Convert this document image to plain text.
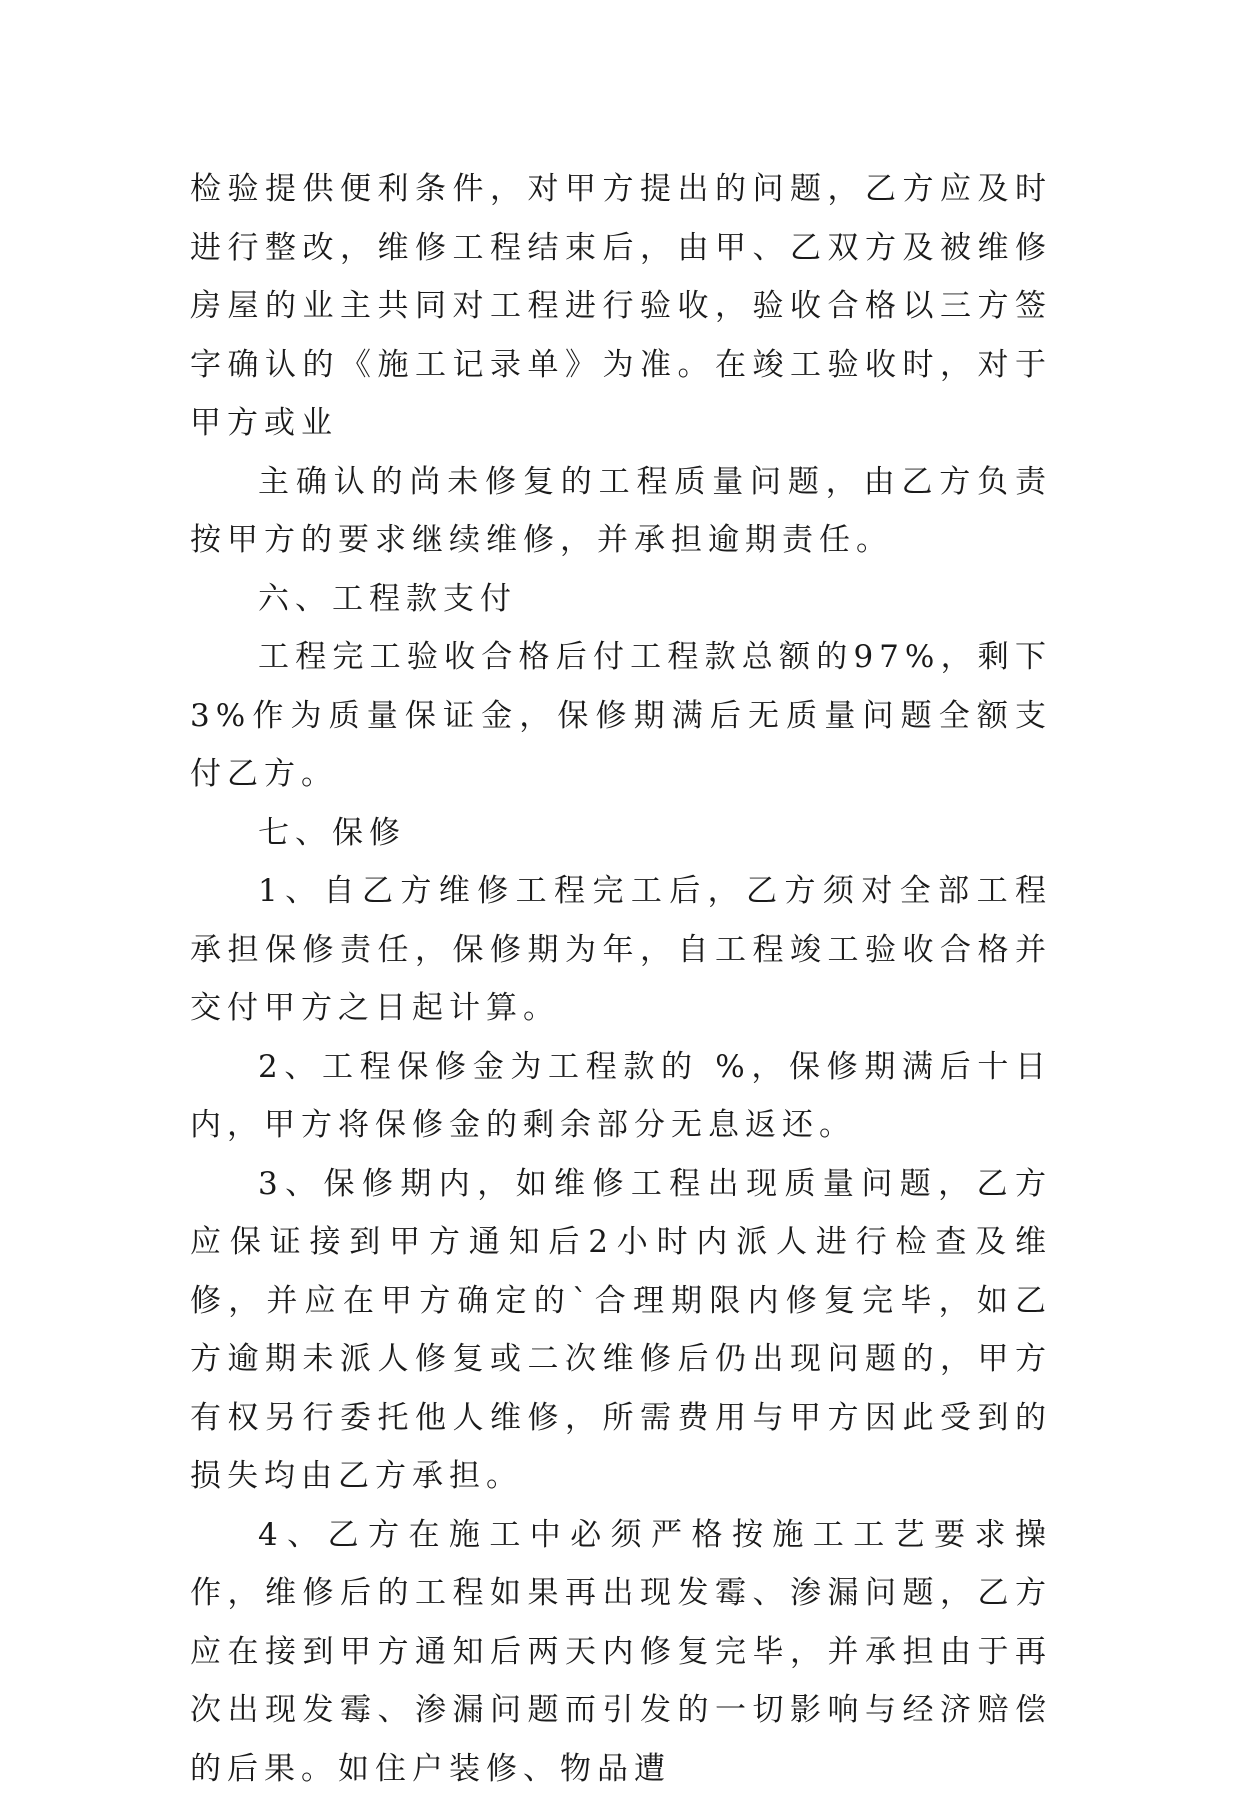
检验提供便利条件，对甲方提出的问题，乙方应及时进行整改，维修工程结束后，由甲、乙双方及被维修房屋的业主共同对工程进行验收，验收合格以三方签字确认的《施工记录单》为准。在竣工验收时，对于甲方或业

主确认的尚未修复的工程质量问题，由乙方负责按甲方的要求继续维修，并承担逾期责任。

六、工程款支付

工程完工验收合格后付工程款总额的97%，剩下3%作为质量保证金，保修期满后无质量问题全额支付乙方。

七、保修

1、自乙方维修工程完工后，乙方须对全部工程承担保修责任，保修期为年，自工程竣工验收合格并交付甲方之日起计算。

2、工程保修金为工程款的 %，保修期满后十日内，甲方将保修金的剩余部分无息返还。

3、保修期内，如维修工程出现质量问题，乙方应保证接到甲方通知后2小时内派人进行检查及维修，并应在甲方确定的`合理期限内修复完毕，如乙方逾期未派人修复或二次维修后仍出现问题的，甲方有权另行委托他人维修，所需费用与甲方因此受到的损失均由乙方承担。

4、乙方在施工中必须严格按施工工艺要求操作，维修后的工程如果再出现发霉、渗漏问题，乙方应在接到甲方通知后两天内修复完毕，并承担由于再次出现发霉、渗漏问题而引发的一切影响与经济赔偿的后果。如住户装修、物品遭
